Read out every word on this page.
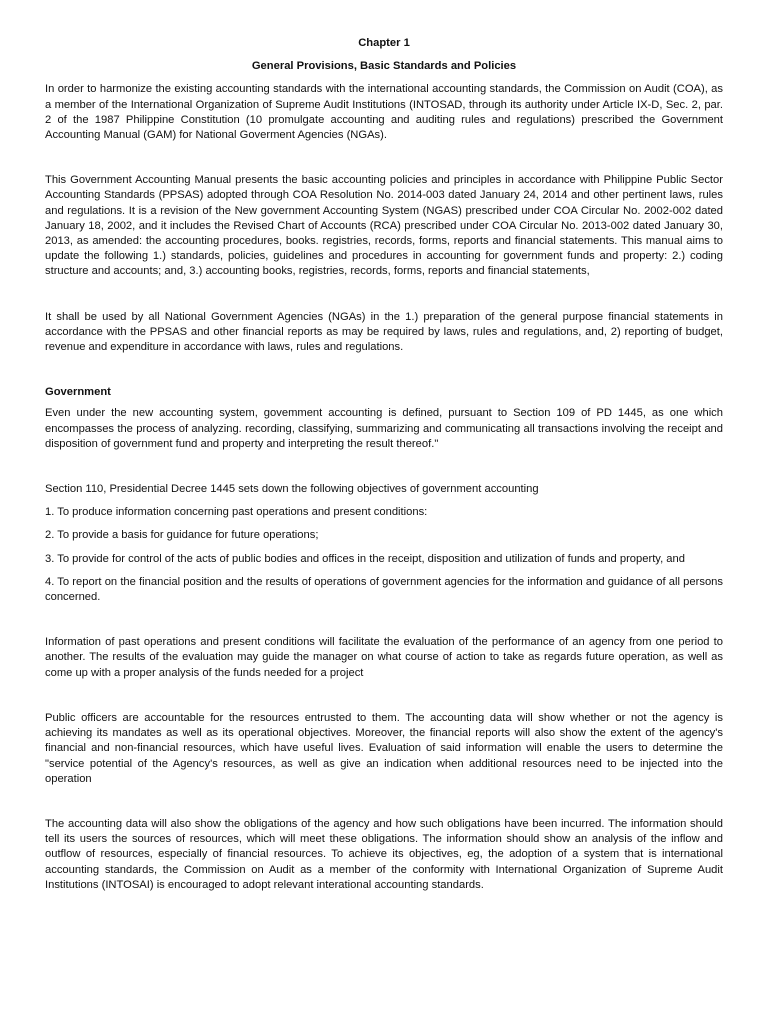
Chapter 1
General Provisions, Basic Standards and Policies

In order to harmonize the existing accounting standards with the international accounting standards, the Commission on Audit (COA), as a member of the International Organization of Supreme Audit Institutions (INTOSAD, through its authority under Article IX-D, Sec. 2, par. 2 of the 1987 Philippine Constitution (10 promulgate accounting and auditing rules and regulations) prescribed the Government Accounting Manual (GAM) for National Goverment Agencies (NGAs).

This Government Accounting Manual presents the basic accounting policies and principles in accordance with Philippine Public Sector Accounting Standards (PPSAS) adopted through COA Resolution No. 2014-003 dated January 24, 2014 and other pertinent laws, rules and regulations. It is a revision of the New government Accounting System (NGAS) prescribed under COA Circular No. 2002-002 dated January 18, 2002, and it includes the Revised Chart of Accounts (RCA) prescribed under COA Circular No. 2013-002 dated January 30, 2013, as amended: the accounting procedures, books. registries, records, forms, reports and financial statements. This manual aims to update the following 1.) standards, policies, guidelines and procedures in accounting for government funds and property: 2.) coding structure and accounts; and, 3.) accounting books, registries, records, forms, reports and financial statements,

It shall be used by all National Government Agencies (NGAs) in the 1.) preparation of the general purpose financial statements in accordance with the PPSAS and other financial reports as may be required by laws, rules and regulations, and, 2) reporting of budget, revenue and expenditure in accordance with laws, rules and regulations.

Government

Even under the new accounting system, govemment accounting is defined, pursuant to Section 109 of PD 1445, as one which encompasses the process of analyzing. recording, classifying, summarizing and communicating all transactions involving the receipt and disposition of government fund and property and interpreting the result thereof."

Section 110, Presidential Decree 1445 sets down the following objectives of government accounting

1. To produce information concerning past operations and present conditions:

2. To provide a basis for guidance for future operations;

3. To provide for control of the acts of public bodies and offices in the receipt, disposition and utilization of funds and property, and

4. To report on the financial position and the results of operations of government agencies for the information and guidance of all persons concerned.

Information of past operations and present conditions will facilitate the evaluation of the performance of an agency from one period to another. The results of the evaluation may guide the manager on what course of action to take as regards future operation, as well as come up with a proper analysis of the funds needed for a project

Public officers are accountable for the resources entrusted to them. The accounting data will show whether or not the agency is achieving its mandates as well as its operational objectives. Moreover, the financial reports will also show the extent of the agency's financial and non-financial resources, which have useful lives. Evaluation of said information will enable the users to determine the "service potential of the Agency's resources, as well as give an indication when additional resources need to be injected into the operation

The accounting data will also show the obligations of the agency and how such obligations have been incurred. The information should tell its users the sources of resources, which will meet these obligations. The information should show an analysis of the inflow and outflow of resources, especially of financial resources. To achieve its objectives, eg, the adoption of a system that is international accounting standards, the Commission on Audit as a member of the conformity with International Organization of Supreme Audit Institutions (INTOSAI) is encouraged to adopt relevant interational accounting standards.
